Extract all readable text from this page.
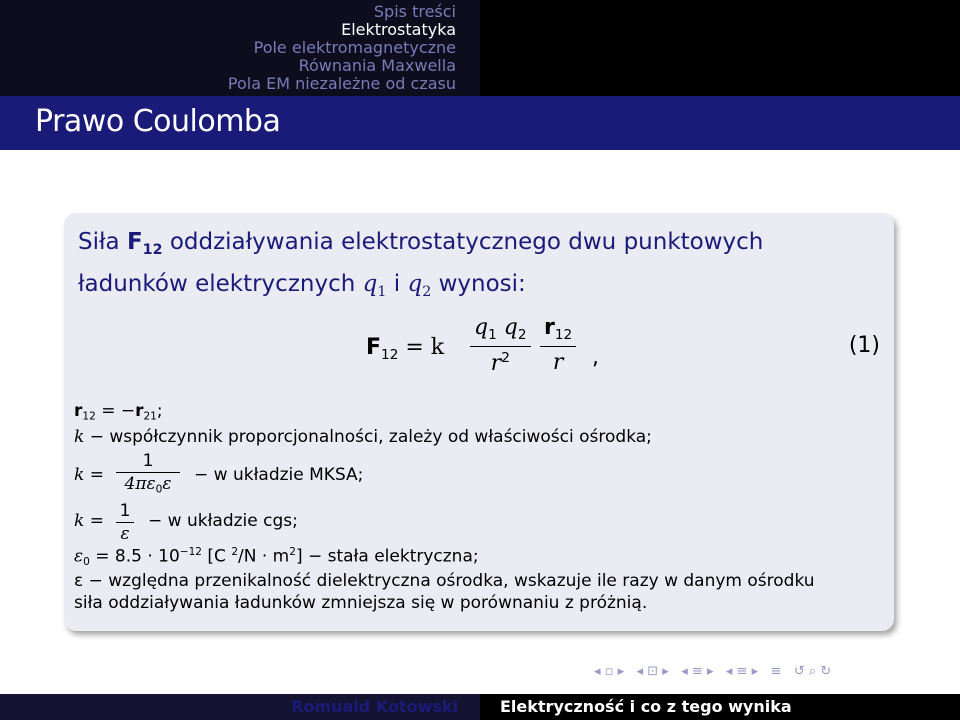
Spis treści
Elektrostatyka
Pole elektromagnetyczne
Równania Maxwella
Pola EM niezależne od czasu
Prawo Coulomba
Siła $F_{12}$ oddziaływania elektrostatycznego dwu punktowych
ładunków elektrycznych $q_1$ i $q_2$ wynosi:
$F_{12} = k \frac{q_1 q_2}{r^2} \frac{r_{12}}{r}$ ,	(1)
$r_{12} = -r_{21}$;
k − współczynnik proporcjonalności, zależy od właściwości ośrodka;
$k = \frac{1}{4\pi\varepsilon_0\varepsilon} - w$ układzie MKSA;
$k = \frac{1}{\varepsilon} - w$ układzie cgs;
$\varepsilon_0 = 8.5 \cdot 10^{-12}$ [C $^2/N \cdot m^2$] − stała elektryczna;
ε − względna przenikalność dielektryczna ośrodka, wskazuje ile razy w danym ośrodku
siła oddziaływania ładunków zmniejsza się w porównaniu z próżnią.
◂ ▫ ▸ ◂ ⊡ ▸ ◂ ≡ ▸ ◂ ≡ ▸ ≡ ↺ ⌕ ↻
Romuald Kotowski	Elektryczność i co z tego wynika
